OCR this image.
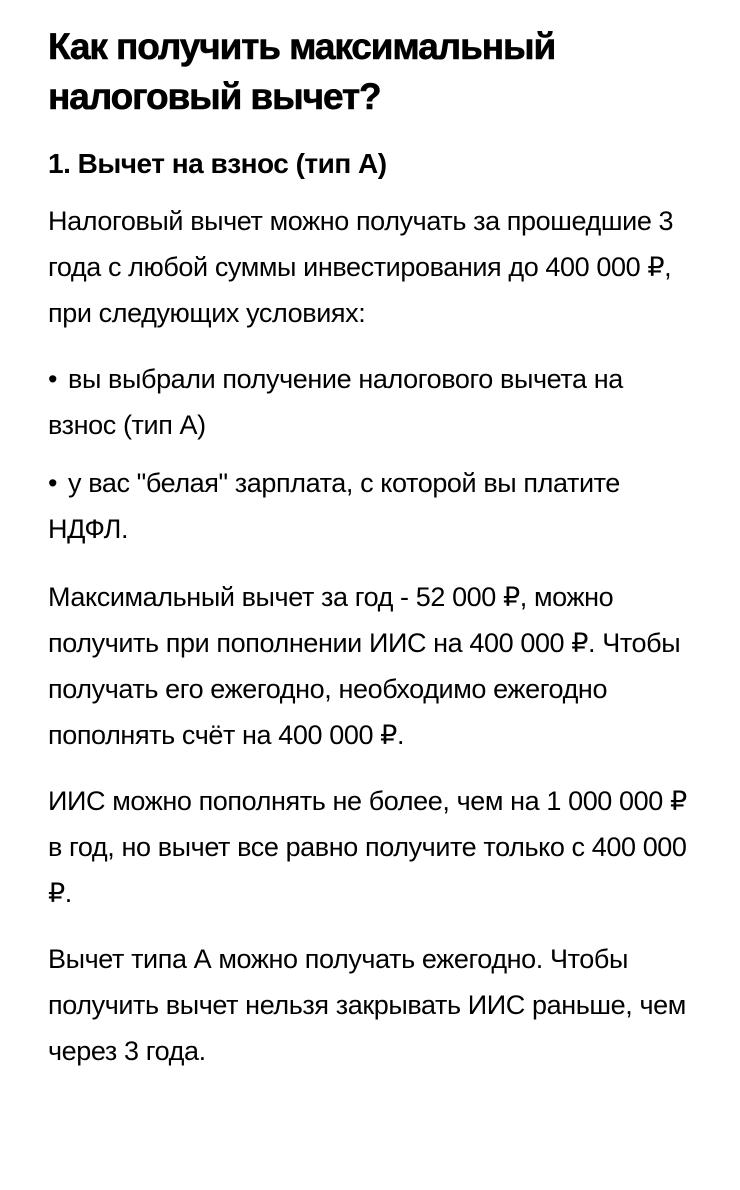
Как получить максимальный налоговый вычет?
1. Вычет на взнос (тип А)

Налоговый вычет можно получать за прошедшие 3 года с любой суммы инвестирования до 400 000 ₽, при следующих условиях:

• вы выбрали получение налогового вычета на взнос (тип А)
• у вас "белая" зарплата, с которой вы платите НДФЛ.

Максимальный вычет за год - 52 000 ₽, можно получить при пополнении ИИС на 400 000 ₽. Чтобы получать его ежегодно, необходимо ежегодно пополнять счёт на 400 000 ₽.

ИИС можно пополнять не более, чем на 1 000 000 ₽ в год, но вычет все равно получите только с 400 000 ₽.

Вычет типа А можно получать ежегодно. Чтобы получить вычет нельзя закрывать ИИС раньше, чем через 3 года.
